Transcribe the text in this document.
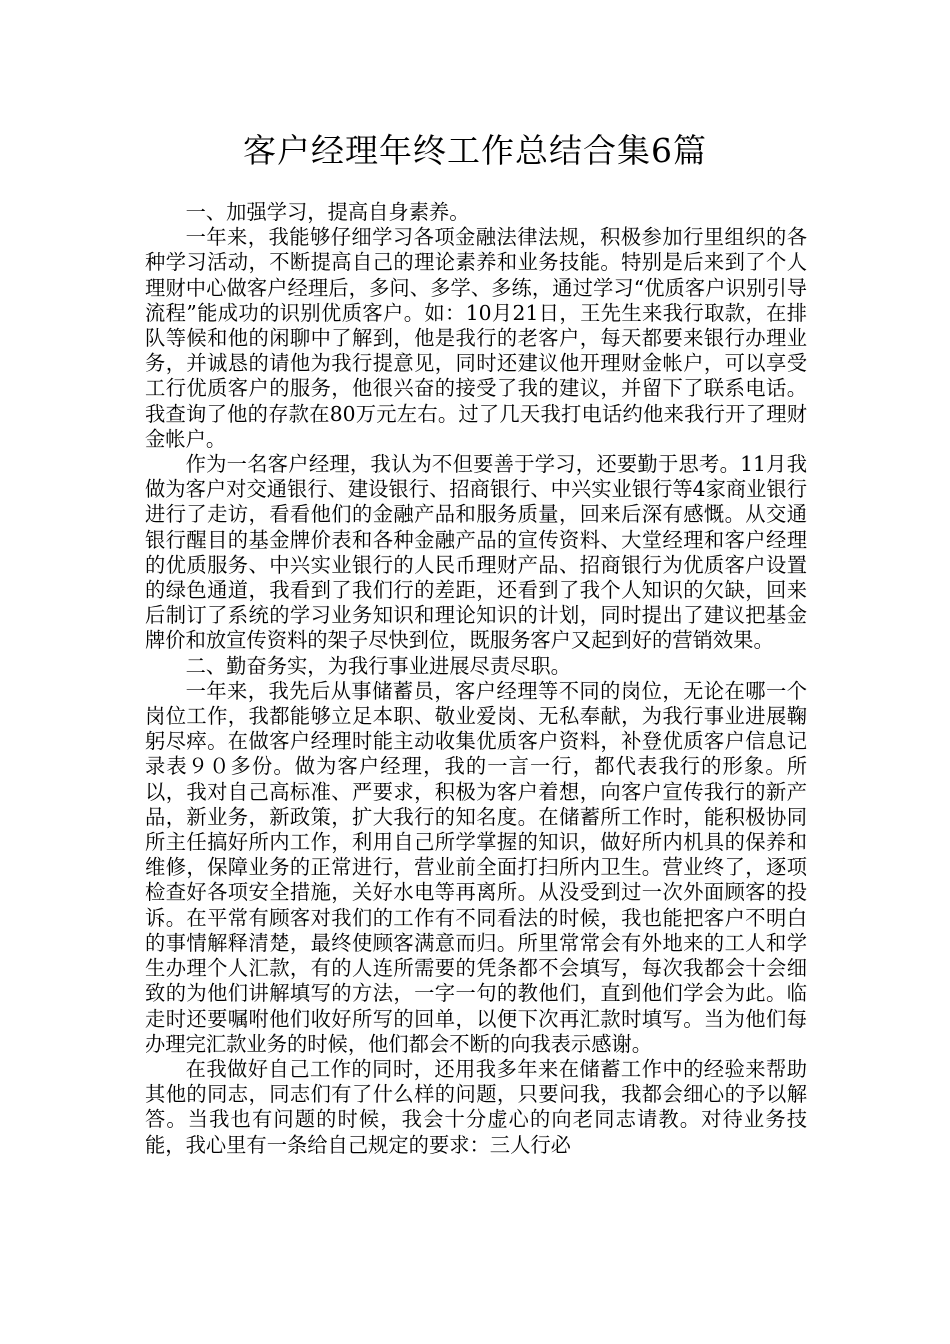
客户经理年终工作总结合集6篇

一、加强学习，提高自身素养。

一年来，我能够仔细学习各项金融法律法规，积极参加行里组织的各种学习活动，不断提高自己的理论素养和业务技能。特别是后来到了个人理财中心做客户经理后，多问、多学、多练，通过学习“优质客户识别引导流程”能成功的识别优质客户。如：10月21日，王先生来我行取款，在排队等候和他的闲聊中了解到，他是我行的老客户，每天都要来银行办理业务，并诚恳的请他为我行提意见，同时还建议他开理财金帐户，可以享受工行优质客户的服务，他很兴奋的接受了我的建议，并留下了联系电话。我查询了他的存款在80万元左右。过了几天我打电话约他来我行开了理财金帐户。

作为一名客户经理，我认为不但要善于学习，还要勤于思考。11月我做为客户对交通银行、建设银行、招商银行、中兴实业银行等4家商业银行进行了走访，看看他们的金融产品和服务质量，回来后深有感慨。从交通银行醒目的基金牌价表和各种金融产品的宣传资料、大堂经理和客户经理的优质服务、中兴实业银行的人民币理财产品、招商银行为优质客户设置的绿色通道，我看到了我们行的差距，还看到了我个人知识的欠缺，回来后制订了系统的学习业务知识和理论知识的计划，同时提出了建议把基金牌价和放宣传资料的架子尽快到位，既服务客户又起到好的营销效果。

二、勤奋务实，为我行事业进展尽责尽职。

一年来，我先后从事储蓄员，客户经理等不同的岗位，无论在哪一个岗位工作，我都能够立足本职、敬业爱岗、无私奉献，为我行事业进展鞠躬尽瘁。在做客户经理时能主动收集优质客户资料，补登优质客户信息记录表９０多份。做为客户经理，我的一言一行，都代表我行的形象。所以，我对自己高标准、严要求，积极为客户着想，向客户宣传我行的新产品，新业务，新政策，扩大我行的知名度。在储蓄所工作时，能积极协同所主任搞好所内工作，利用自己所学掌握的知识，做好所内机具的保养和维修，保障业务的正常进行，营业前全面打扫所内卫生。营业终了，逐项检查好各项安全措施，关好水电等再离所。从没受到过一次外面顾客的投诉。在平常有顾客对我们的工作有不同看法的时候，我也能把客户不明白的事情解释清楚，最终使顾客满意而归。所里常常会有外地来的工人和学生办理个人汇款，有的人连所需要的凭条都不会填写，每次我都会十会细致的为他们讲解填写的方法，一字一句的教他们，直到他们学会为此。临走时还要嘱咐他们收好所写的回单，以便下次再汇款时填写。当为他们每办理完汇款业务的时候，他们都会不断的向我表示感谢。

在我做好自己工作的同时，还用我多年来在储蓄工作中的经验来帮助其他的同志，同志们有了什么样的问题，只要问我，我都会细心的予以解答。当我也有问题的时候，我会十分虚心的向老同志请教。对待业务技能，我心里有一条给自己规定的要求：三人行必
